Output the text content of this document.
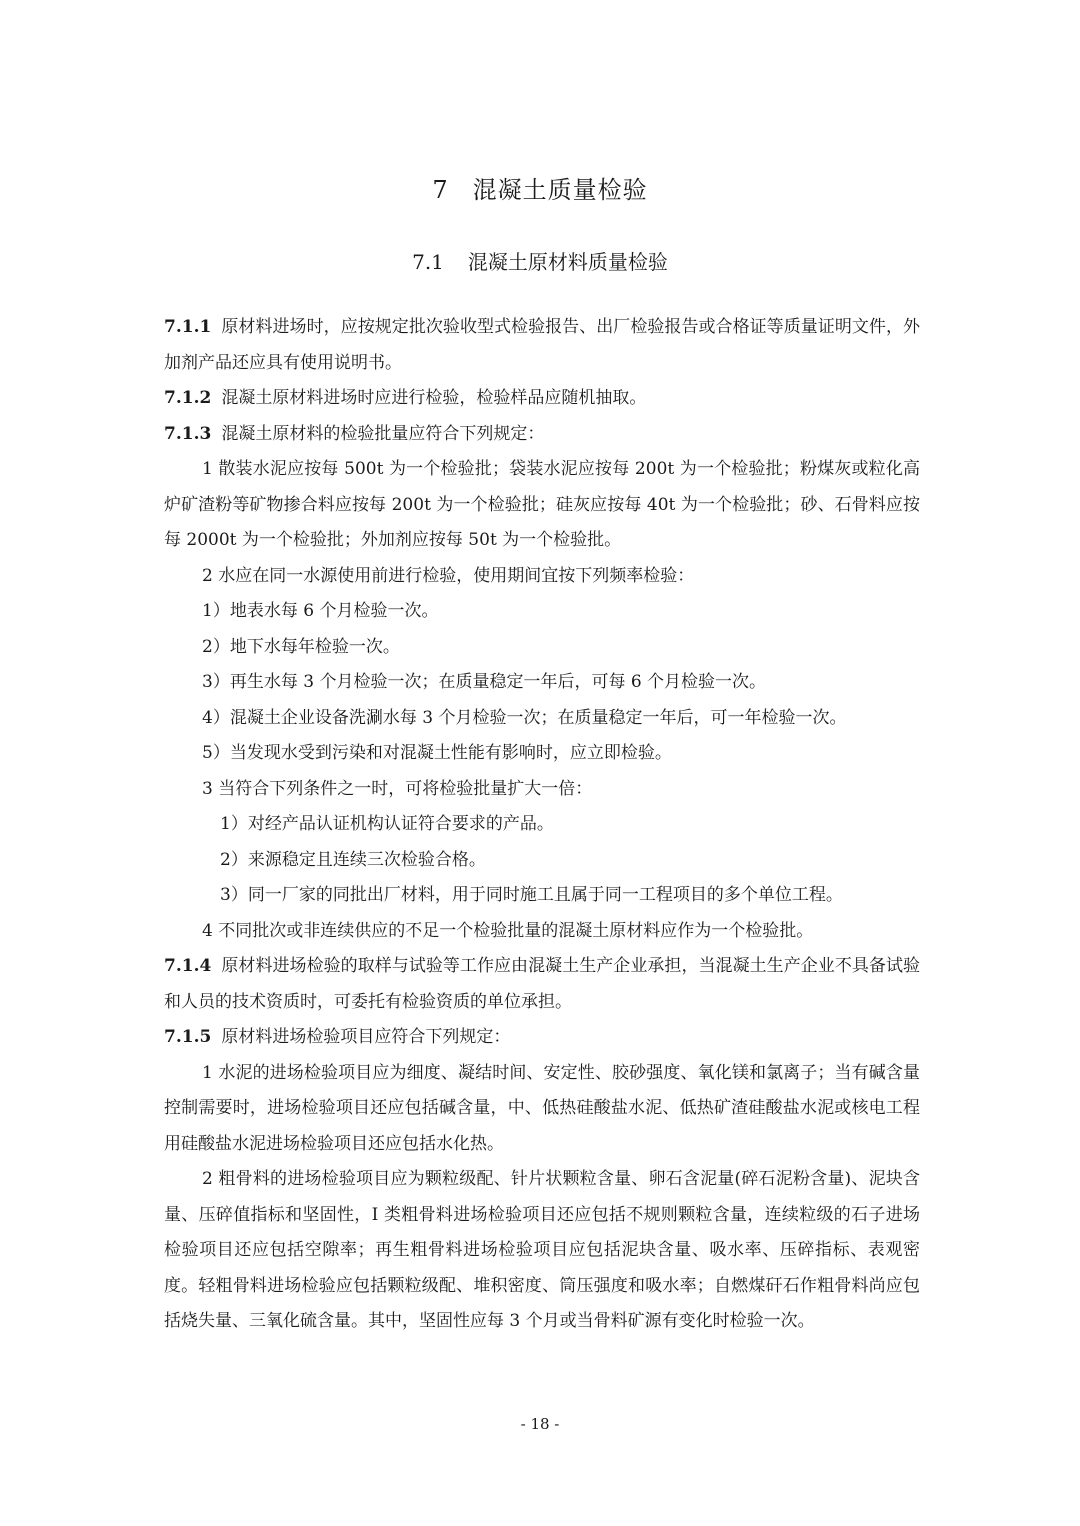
7 混凝土质量检验
7.1 混凝土原材料质量检验

7.1.1 原材料进场时，应按规定批次验收型式检验报告、出厂检验报告或合格证等质量证明文件，外加剂产品还应具有使用说明书。

7.1.2 混凝土原材料进场时应进行检验，检验样品应随机抽取。

7.1.3 混凝土原材料的检验批量应符合下列规定：

1 散装水泥应按每 500t 为一个检验批；袋装水泥应按每 200t 为一个检验批；粉煤灰或粒化高炉矿渣粉等矿物掺合料应按每 200t 为一个检验批；硅灰应按每 40t 为一个检验批；砂、石骨料应按每 2000t 为一个检验批；外加剂应按每 50t 为一个检验批。

2 水应在同一水源使用前进行检验，使用期间宜按下列频率检验：

1）地表水每 6 个月检验一次。

2）地下水每年检验一次。

3）再生水每 3 个月检验一次；在质量稳定一年后，可每 6 个月检验一次。

4）混凝土企业设备洗涮水每 3 个月检验一次；在质量稳定一年后，可一年检验一次。

5）当发现水受到污染和对混凝土性能有影响时，应立即检验。

3 当符合下列条件之一时，可将检验批量扩大一倍：

1）对经产品认证机构认证符合要求的产品。

2）来源稳定且连续三次检验合格。

3）同一厂家的同批出厂材料，用于同时施工且属于同一工程项目的多个单位工程。

4 不同批次或非连续供应的不足一个检验批量的混凝土原材料应作为一个检验批。

7.1.4 原材料进场检验的取样与试验等工作应由混凝土生产企业承担，当混凝土生产企业不具备试验和人员的技术资质时，可委托有检验资质的单位承担。

7.1.5 原材料进场检验项目应符合下列规定：

1 水泥的进场检验项目应为细度、凝结时间、安定性、胶砂强度、氧化镁和氯离子；当有碱含量控制需要时，进场检验项目还应包括碱含量，中、低热硅酸盐水泥、低热矿渣硅酸盐水泥或核电工程用硅酸盐水泥进场检验项目还应包括水化热。

2 粗骨料的进场检验项目应为颗粒级配、针片状颗粒含量、卵石含泥量(碎石泥粉含量)、泥块含量、压碎值指标和坚固性，I 类粗骨料进场检验项目还应包括不规则颗粒含量，连续粒级的石子进场检验项目还应包括空隙率；再生粗骨料进场检验项目应包括泥块含量、吸水率、压碎指标、表观密度。轻粗骨料进场检验应包括颗粒级配、堆积密度、筒压强度和吸水率；自燃煤矸石作粗骨料尚应包括烧失量、三氧化硫含量。其中，坚固性应每 3 个月或当骨料矿源有变化时检验一次。

- 18 -
